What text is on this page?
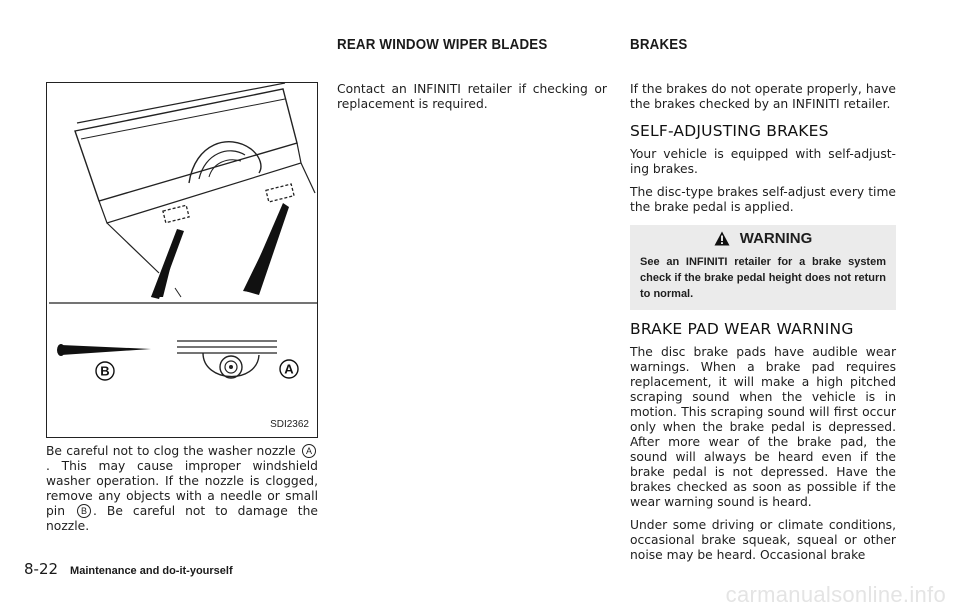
REAR WINDOW WIPER BLADES	BRAKES
B	A
SDI2362

Be careful not to clog the washer nozzle A. This may cause improper windshield washer operation. If the nozzle is clogged, remove any objects with a needle or small pin B . Be careful not to damage the nozzle.

Contact an INFINITI retailer if checking or replacement is required.

If the brakes do not operate properly, have the brakes checked by an INFINITI retailer.

SELF-ADJUSTING BRAKES

Your vehicle is equipped with self-adjust-ing brakes.

The disc-type brakes self-adjust every time the brake pedal is applied.

WARNING
See an INFINITI retailer for a brake system check if the brake pedal height does not return to normal.
BRAKE PAD WEAR WARNING

The disc brake pads have audible wear warnings. When a brake pad requires replacement, it will make a high pitched scraping sound when the vehicle is in motion. This scraping sound will first occur only when the brake pedal is depressed. After more wear of the brake pad, the sound will always be heard even if the brake pedal is not depressed. Have the brakes checked as soon as possible if the wear warning sound is heard.

Under some driving or climate conditions, occasional brake squeak, squeal or other noise may be heard. Occasional brake

8-22 Maintenance and do-it-yourself
carmanualsonline.info
